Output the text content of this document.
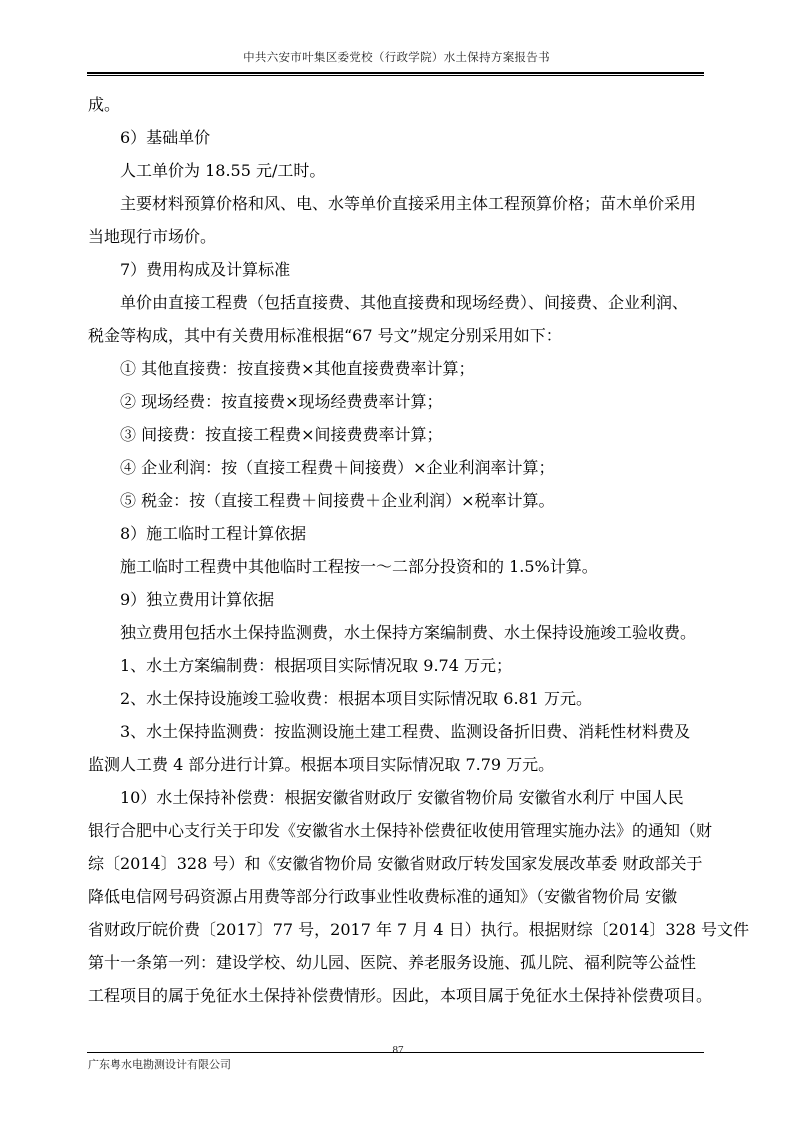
中共六安市叶集区委党校（行政学院）水土保持方案报告书
成。
6）基础单价
人工单价为 18.55 元/工时。
主要材料预算价格和风、电、水等单价直接采用主体工程预算价格；苗木单价采用
当地现行市场价。
7）费用构成及计算标准
单价由直接工程费（包括直接费、其他直接费和现场经费）、间接费、企业利润、
税金等构成，其中有关费用标准根据“67 号文”规定分别采用如下：
① 其他直接费：按直接费×其他直接费费率计算；
② 现场经费：按直接费×现场经费费率计算；
③ 间接费：按直接工程费×间接费费率计算；
④ 企业利润：按（直接工程费＋间接费）×企业利润率计算；
⑤ 税金：按（直接工程费＋间接费＋企业利润）×税率计算。
8）施工临时工程计算依据
施工临时工程费中其他临时工程按一～二部分投资和的 1.5%计算。
9）独立费用计算依据
独立费用包括水土保持监测费，水土保持方案编制费、水土保持设施竣工验收费。
1、水土方案编制费：根据项目实际情况取 9.74 万元；
2、水土保持设施竣工验收费：根据本项目实际情况取 6.81 万元。
3、水土保持监测费：按监测设施土建工程费、监测设备折旧费、消耗性材料费及
监测人工费 4 部分进行计算。根据本项目实际情况取 7.79 万元。
10）水土保持补偿费：根据安徽省财政厅 安徽省物价局 安徽省水利厅 中国人民
银行合肥中心支行关于印发《安徽省水土保持补偿费征收使用管理实施办法》的通知（财
综〔2014〕328 号）和《安徽省物价局 安徽省财政厅转发国家发展改革委 财政部关于
降低电信网号码资源占用费等部分行政事业性收费标准的通知》（安徽省物价局 安徽
省财政厅皖价费〔2017〕77 号，2017 年 7 月 4 日）执行。根据财综〔2014〕328 号文件
第十一条第一列：建设学校、幼儿园、医院、养老服务设施、孤儿院、福利院等公益性
工程项目的属于免征水土保持补偿费情形。因此，本项目属于免征水土保持补偿费项目。
87
广东粤水电勘测设计有限公司
